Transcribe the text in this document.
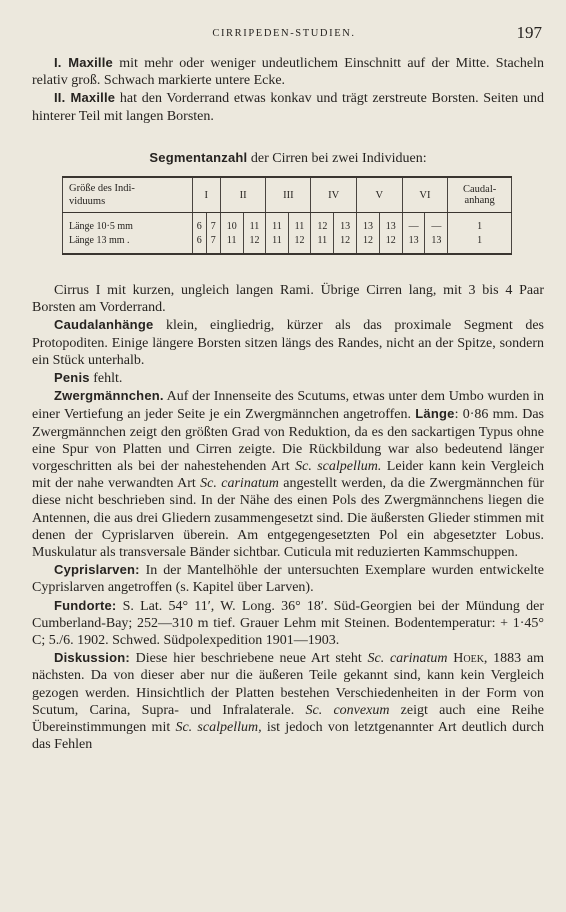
CIRRIPEDEN-STUDIEN.	197

I. Maxille mit mehr oder weniger undeutlichem Einschnitt auf der Mitte. Stacheln relativ groß. Schwach markierte untere Ecke.

II. Maxille hat den Vorderrand etwas konkav und trägt zerstreute Borsten. Seiten und hinterer Teil mit langen Borsten.

Segmentanzahl der Cirren bei zwei Individuen:
Größe des Indi-
viduums	I		II		III		IV		V		VI		Caudal-
anhang

Länge 10·5 mm	6	7	10	11	11	11	12	13	13	13	—	—	1
Länge 13 mm .	6	7	11	12	11	12	11	12	12	12	13	13	1

Cirrus I mit kurzen, ungleich langen Rami. Übrige Cirren lang, mit 3 bis 4 Paar Borsten am Vorderrand.

Caudalanhänge klein, eingliedrig, kürzer als das proximale Segment des Protopoditen. Einige längere Borsten sitzen längs des Randes, nicht an der Spitze, sondern ein Stück unterhalb.

Penis fehlt.

Zwergmännchen. Auf der Innenseite des Scutums, etwas unter dem Umbo wurden in einer Vertiefung an jeder Seite je ein Zwergmännchen angetroffen. Länge: 0·86 mm. Das Zwergmännchen zeigt den größten Grad von Reduktion, da es den sackartigen Typus ohne eine Spur von Platten und Cirren zeigte. Die Rückbildung war also bedeutend länger vorgeschritten als bei der nahestehenden Art Sc. scalpellum. Leider kann kein Vergleich mit der nahe verwandten Art Sc. carinatum angestellt werden, da die Zwergmännchen für diese nicht beschrieben sind. In der Nähe des einen Pols des Zwergmännchens liegen die Antennen, die aus drei Gliedern zusammengesetzt sind. Die äußersten Glieder stimmen mit denen der Cyprislarven überein. Am entgegengesetzten Pol ein abgesetzter Lobus. Muskulatur als transversale Bänder sichtbar. Cuticula mit reduzierten Kammschuppen.

Cyprislarven: In der Mantelhöhle der untersuchten Exemplare wurden entwickelte Cyprislarven angetroffen (s. Kapitel über Larven).

Fundorte: S. Lat. 54° 11′, W. Long. 36° 18′. Süd-Georgien bei der Mündung der Cumberland-Bay; 252—310 m tief. Grauer Lehm mit Steinen. Bodentemperatur: + 1·45° C; 5./6. 1902. Schwed. Südpolexpedition 1901—1903.

Diskussion: Diese hier beschriebene neue Art steht Sc. carinatum Hoek, 1883 am nächsten. Da von dieser aber nur die äußeren Teile gekannt sind, kann kein Vergleich gezogen werden. Hinsichtlich der Platten bestehen Verschiedenheiten in der Form von Scutum, Carina, Supra- und Infralaterale. Sc. convexum zeigt auch eine Reihe Übereinstimmungen mit Sc. scalpellum, ist jedoch von letztgenannter Art deutlich durch das Fehlen
